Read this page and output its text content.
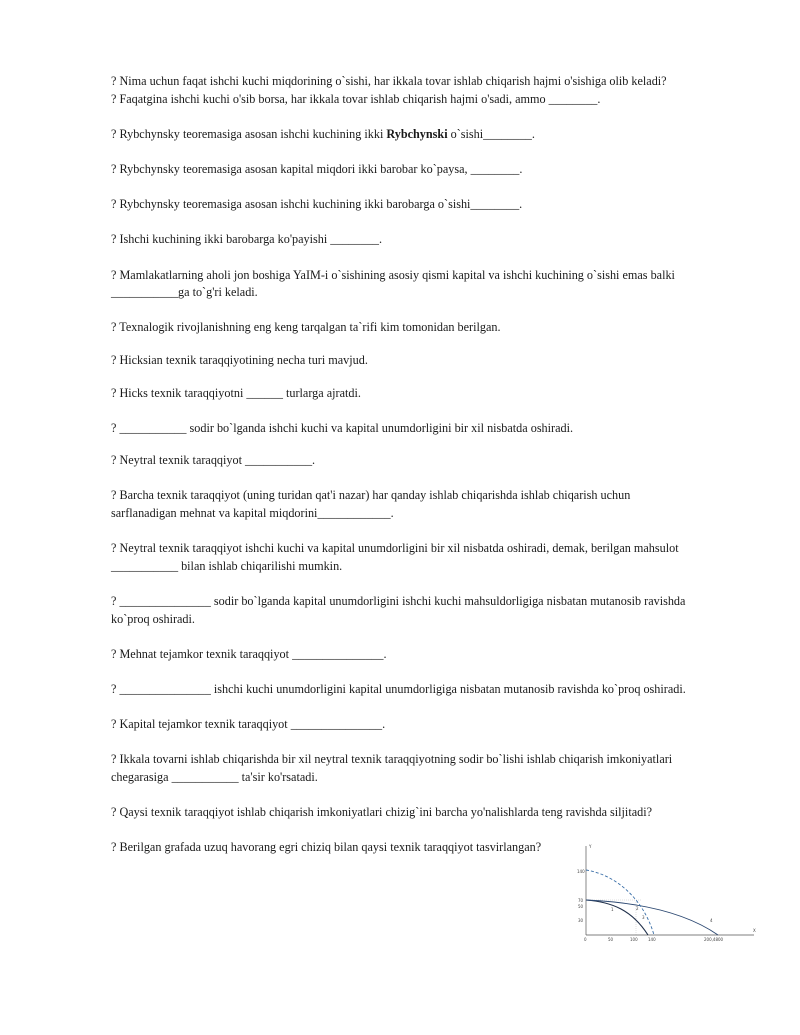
? Nima uchun faqat ishchi kuchi miqdorining o`sishi, har ikkala tovar ishlab chiqarish hajmi o'sishiga olib keladi?
? Faqatgina ishchi kuchi o'sib borsa, har ikkala tovar ishlab chiqarish hajmi o'sadi, ammo ________.

? Rybchynsky teoremasiga asosan ishchi kuchining ikki Rybchynski o`sishi________.

? Rybchynsky teoremasiga asosan kapital miqdori ikki barobar ko`paysa, ________.

? Rybchynsky teoremasiga asosan ishchi kuchining ikki barobarga o`sishi________.

? Ishchi kuchining ikki barobarga ko'payishi ________.

? Mamlakatlarning aholi jon boshiga YaIM-i o`sishining asosiy qismi kapital va ishchi kuchining o`sishi emas balki
___________ga to`g'ri keladi.

? Texnalogik rivojlanishning eng keng tarqalgan ta`rifi kim tomonidan berilgan.

? Hicksian texnik taraqqiyotining necha turi mavjud.

? Hicks texnik taraqqiyotni ______ turlarga ajratdi.

? ___________ sodir bo`lganda ishchi kuchi va kapital unumdorligini bir xil nisbatda oshiradi.

? Neytral texnik taraqqiyot ___________.

? Barcha texnik taraqqiyot (uning turidan qat'i nazar) har qanday ishlab chiqarishda ishlab chiqarish uchun
sarflanadigan mehnat va kapital miqdorini____________.

? Neytral texnik taraqqiyot ishchi kuchi va kapital unumdorligini bir xil nisbatda oshiradi, demak, berilgan mahsulot
___________ bilan ishlab chiqarilishi mumkin.

? _______________ sodir bo`lganda kapital unumdorligini ishchi kuchi mahsuldorligiga nisbatan mutanosib ravishda
ko`proq oshiradi.

? Mehnat tejamkor texnik taraqqiyot _______________.

? _______________ ishchi kuchi unumdorligini kapital unumdorligiga nisbatan mutanosib ravishda ko`proq oshiradi.

? Kapital tejamkor texnik taraqqiyot _______________.

? Ikkala tovarni ishlab chiqarishda bir xil neytral texnik taraqqiyotning sodir bo`lishi ishlab chiqarish imkoniyatlari
chegarasiga ___________ ta'sir ko'rsatadi.

? Qaysi texnik taraqqiyot ishlab chiqarish imkoniyatlari chizig`ini barcha yo'nalishlarda teng ravishda siljitadi?

? Berilgan grafada uzuq havorang egri chiziq bilan qaysi texnik taraqqiyot tasvirlangan?	Y
X
140
70
50
30
0	50	100	140	200,4800
1	2
3
4
